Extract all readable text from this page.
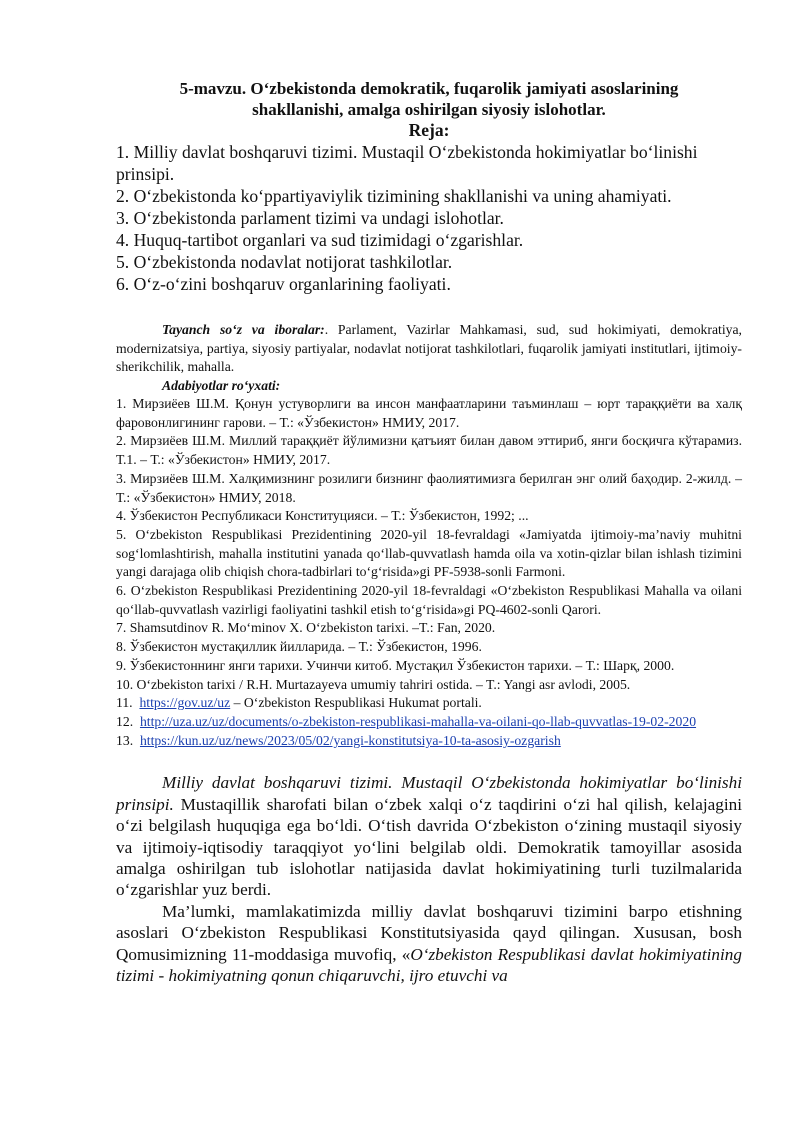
5-mavzu. O‘zbekistonda demokratik, fuqarolik jamiyati asoslarining
shakllanishi, amalga oshirilgan siyosiy islohotlar.

Reja:

1. Milliy davlat boshqaruvi tizimi. Mustaqil O‘zbekistonda hokimiyatlar bo‘linishi prinsipi.
2. O‘zbekistonda ko‘ppartiyaviylik tizimining shakllanishi va uning ahamiyati.
3. O‘zbekistonda parlament tizimi va undagi islohotlar.
4. Huquq-tartibot organlari va sud tizimidagi o‘zgarishlar.
5. O‘zbekistonda nodavlat notijorat tashkilotlar.
6. O‘z-o‘zini boshqaruv organlarining faoliyati.

Tayanch so‘z va iboralar:. Parlament, Vazirlar Mahkamasi, sud, sud hokimiyati, demokratiya, modernizatsiya, partiya, siyosiy partiyalar, nodavlat notijorat tashkilotlari, fuqarolik jamiyati institutlari, ijtimoiy-sherikchilik, mahalla.

Adabiyotlar ro‘yxati:

1. Мирзиёев Ш.М. Қонун устуворлиги ва инсон манфаатларини таъминлаш – юрт тараққиёти ва халқ фаровонлигининг гарови. – Т.: «Ўзбекистон» НМИУ, 2017.
2. Мирзиёев Ш.М. Миллий тараққиёт йўлимизни қатъият билан давом эттириб, янги босқичга кўтарамиз. Т.1. – Т.: «Ўзбекистон» НМИУ, 2017.
3. Мирзиёев Ш.М. Халқимизнинг розилиги бизнинг фаолиятимизга берилган энг олий баҳодир. 2-жилд. – Т.: «Ўзбекистон» НМИУ, 2018.
4. Ўзбекистон Республикаси Конституцияси. – Т.: Ўзбекистон, 1992; ...
5. O‘zbekiston Respublikasi Prezidentining 2020-yil 18-fevraldagi «Jamiyatda ijtimoiy-ma’naviy muhitni sog‘lomlashtirish, mahalla institutini yanada qo‘llab-quvvatlash hamda oila va xotin-qizlar bilan ishlash tizimini yangi darajaga olib chiqish chora-tadbirlari to‘g‘risida»gi PF-5938-sonli Farmoni.
6. O‘zbekiston Respublikasi Prezidentining 2020-yil 18-fevraldagi «O‘zbekiston Respublikasi Mahalla va oilani qo‘llab-quvvatlash vazirligi faoliyatini tashkil etish to‘g‘risida»gi PQ-4602-sonli Qarori.
7. Shamsutdinov R. Mo‘minov X. O‘zbekiston tarixi. –T.: Fan, 2020.
8. Ўзбекистон мустақиллик йилларида. – Т.: Ўзбекистон, 1996.
9. Ўзбекистоннинг янги тарихи. Учинчи китоб. Мустақил Ўзбекистон тарихи. – Т.: Шарқ, 2000.
10. O‘zbekiston tarixi / R.H. Murtazayeva umumiy tahriri ostida. – T.: Yangi asr avlodi, 2005.
11. https://gov.uz/uz – O‘zbekiston Respublikasi Hukumat portali.
12. http://uza.uz/uz/documents/o-zbekiston-respublikasi-mahalla-va-oilani-qo-llab-quvvatlas-19-02-2020
13. https://kun.uz/uz/news/2023/05/02/yangi-konstitutsiya-10-ta-asosiy-ozgarish

Milliy davlat boshqaruvi tizimi. Mustaqil O‘zbekistonda hokimiyatlar bo‘linishi prinsipi. Mustaqillik sharofati bilan o‘zbek xalqi o‘z taqdirini o‘zi hal qilish, kelajagini o‘zi belgilash huquqiga ega bo‘ldi. O‘tish davrida O‘zbekiston o‘zining mustaqil siyosiy va ijtimoiy-iqtisodiy taraqqiyot yo‘lini belgilab oldi. Demokratik tamoyillar asosida amalga oshirilgan tub islohotlar natijasida davlat hokimiyatining turli tuzilmalarida o‘zgarishlar yuz berdi.

Ma’lumki, mamlakatimizda milliy davlat boshqaruvi tizimini barpo etishning asoslari O‘zbekiston Respublikasi Konstitutsiyasida qayd qilingan. Xususan, bosh Qomusimizning 11-moddasiga muvofiq, «O‘zbekiston Respublikasi davlat hokimiyatining tizimi - hokimiyatning qonun chiqaruvchi, ijro etuvchi va
